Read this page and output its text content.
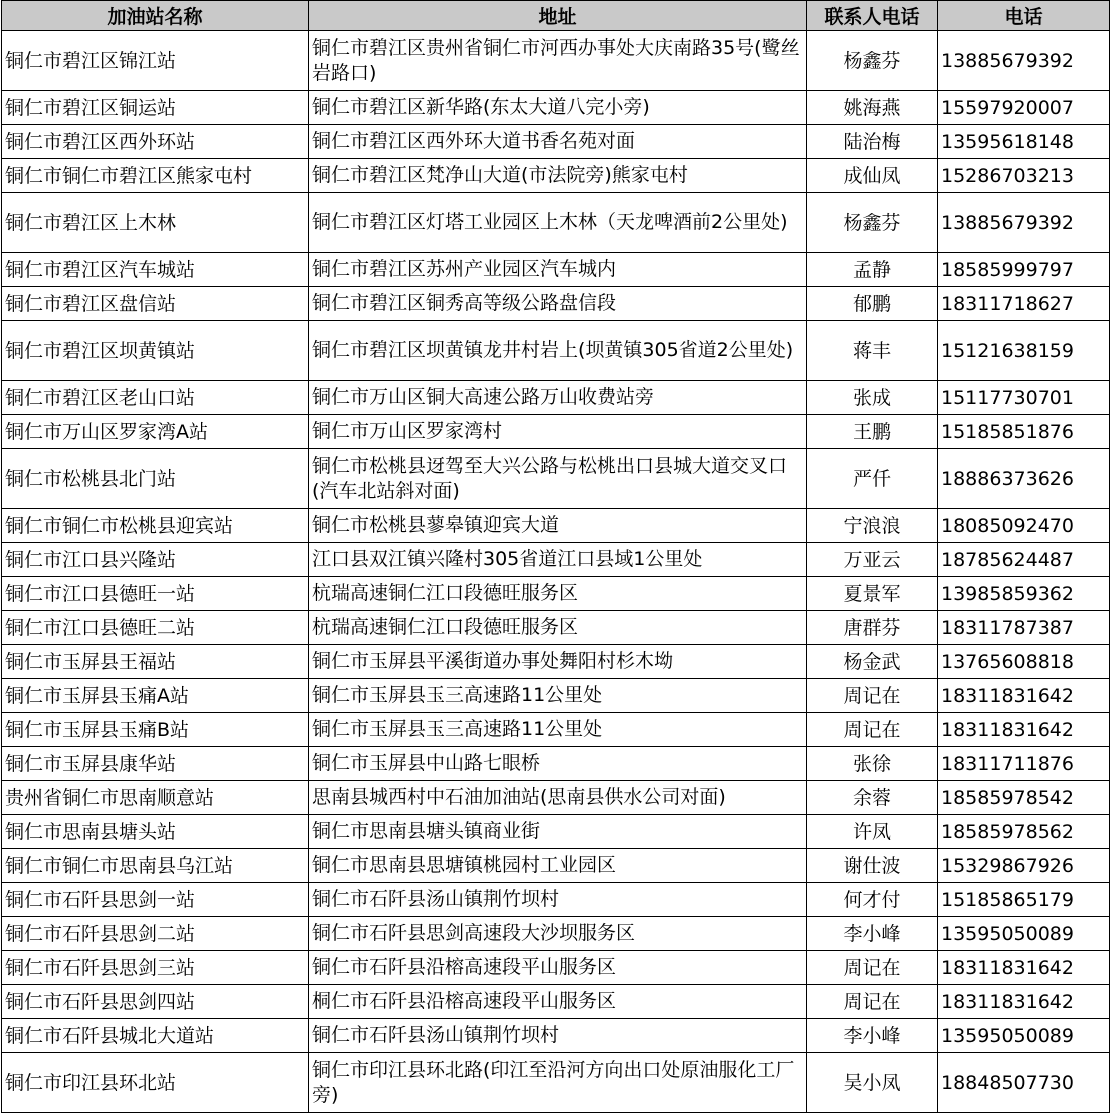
加油站名称	地址	联系人电话	电话
铜仁市碧江区锦江站	铜仁市碧江区贵州省铜仁市河西办事处大庆南路35号(鹭丝岩路口)	杨鑫芬	13885679392
铜仁市碧江区铜运站	铜仁市碧江区新华路(东太大道八完小旁)	姚海燕	15597920007
铜仁市碧江区西外环站	铜仁市碧江区西外环大道书香名苑对面	陆治梅	13595618148
铜仁市铜仁市碧江区熊家屯村	铜仁市碧江区梵净山大道(市法院旁)熊家屯村	成仙凤	15286703213
铜仁市碧江区上木林	铜仁市碧江区灯塔工业园区上木林（天龙啤酒前2公里处)	杨鑫芬	13885679392
铜仁市碧江区汽车城站	铜仁市碧江区苏州产业园区汽车城内	孟静	18585999797
铜仁市碧江区盘信站	铜仁市碧江区铜秀高等级公路盘信段	郁鹏	18311718627
铜仁市碧江区坝黄镇站	铜仁市碧江区坝黄镇龙井村岩上(坝黄镇305省道2公里处)	蒋丰	15121638159
铜仁市碧江区老山口站	铜仁市万山区铜大高速公路万山收费站旁	张成	15117730701
铜仁市万山区罗家湾A站	铜仁市万山区罗家湾村	王鹏	15185851876
铜仁市松桃县北门站	铜仁市松桃县迓驾至大兴公路与松桃出口县城大道交叉口(汽车北站斜对面)	严仟	18886373626
铜仁市铜仁市松桃县迎宾站	铜仁市松桃县蓼皋镇迎宾大道	宁浪浪	18085092470
铜仁市江口县兴隆站	江口县双江镇兴隆村305省道江口县域1公里处	万亚云	18785624487
铜仁市江口县德旺一站	杭瑞高速铜仁江口段德旺服务区	夏景军	13985859362
铜仁市江口县德旺二站	杭瑞高速铜仁江口段德旺服务区	唐群芬	18311787387
铜仁市玉屏县王福站	铜仁市玉屏县平溪街道办事处舞阳村杉木坳	杨金武	13765608818
铜仁市玉屏县玉痛A站	铜仁市玉屏县玉三高速路11公里处	周记在	18311831642
铜仁市玉屏县玉痛B站	铜仁市玉屏县玉三高速路11公里处	周记在	18311831642
铜仁市玉屏县康华站	铜仁市玉屏县中山路七眼桥	张徐	18311711876
贵州省铜仁市思南顺意站	思南县城西村中石油加油站(思南县供水公司对面)	余蓉	18585978542
铜仁市思南县塘头站	铜仁市思南县塘头镇商业街	许凤	18585978562
铜仁市铜仁市思南县乌江站	铜仁市思南县思塘镇桃园村工业园区	谢仕波	15329867926
铜仁市石阡县思剑一站	铜仁市石阡县汤山镇荆竹坝村	何才付	15185865179
铜仁市石阡县思剑二站	铜仁市石阡县思剑高速段大沙坝服务区	李小峰	13595050089
铜仁市石阡县思剑三站	铜仁市石阡县沿榕高速段平山服务区	周记在	18311831642
铜仁市石阡县思剑四站	桐仁市石阡县沿榕高速段平山服务区	周记在	18311831642
铜仁市石阡县城北大道站	铜仁市石阡县汤山镇荆竹坝村	李小峰	13595050089
铜仁市印江县环北站	铜仁市印江县环北路(印江至沿河方向出口处原油服化工厂旁)	吴小凤	18848507730
